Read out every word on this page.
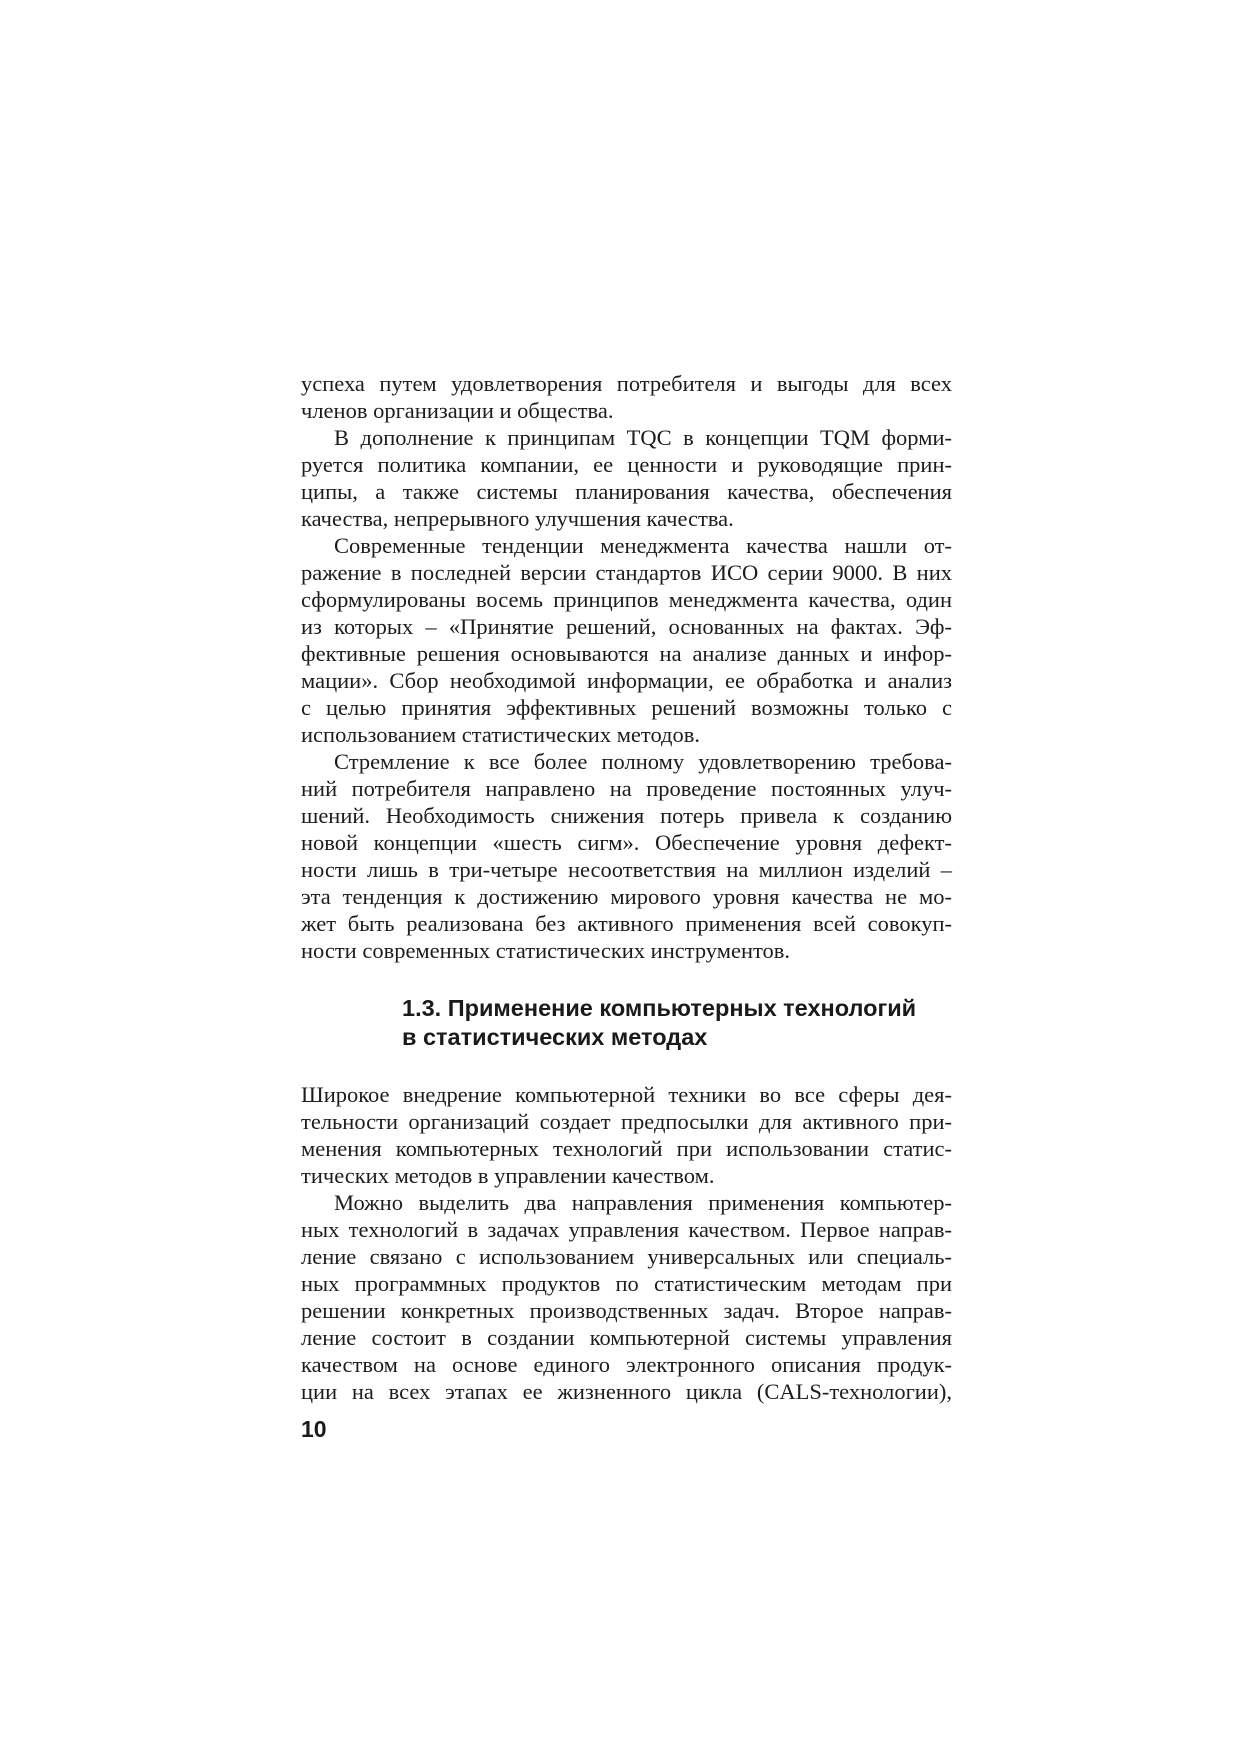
успеха путем удовлетворения потребителя и выгоды для всех
членов организации и общества.
В дополнение к принципам TQC в концепции TQM форми-
руется политика компании, ее ценности и руководящие прин-
ципы, а также системы планирования качества, обеспечения
качества, непрерывного улучшения качества.
Современные тенденции менеджмента качества нашли от-
ражение в последней версии стандартов ИСО серии 9000. В них
сформулированы восемь принципов менеджмента качества, один
из которых – «Принятие решений, основанных на фактах. Эф-
фективные решения основываются на анализе данных и инфор-
мации». Сбор необходимой информации, ее обработка и анализ
с целью принятия эффективных решений возможны только с
использованием статистических методов.
Стремление к все более полному удовлетворению требова-
ний потребителя направлено на проведение постоянных улуч-
шений. Необходимость снижения потерь привела к созданию
новой концепции «шесть сигм». Обеспечение уровня дефект-
ности лишь в три-четыре несоответствия на миллион изделий –
эта тенденция к достижению мирового уровня качества не мо-
жет быть реализована без активного применения всей совокуп-
ности современных статистических инструментов.
1.3. Применение компьютерных технологий
в статистических методах
Широкое внедрение компьютерной техники во все сферы дея-
тельности организаций создает предпосылки для активного при-
менения компьютерных технологий при использовании статис-
тических методов в управлении качеством.
Можно выделить два направления применения компьютер-
ных технологий в задачах управления качеством. Первое направ-
ление связано с использованием универсальных или специаль-
ных программных продуктов по статистическим методам при
решении конкретных производственных задач. Второе направ-
ление состоит в создании компьютерной системы управления
качеством на основе единого электронного описания продук-
ции на всех этапах ее жизненного цикла (CALS-технологии),
10
